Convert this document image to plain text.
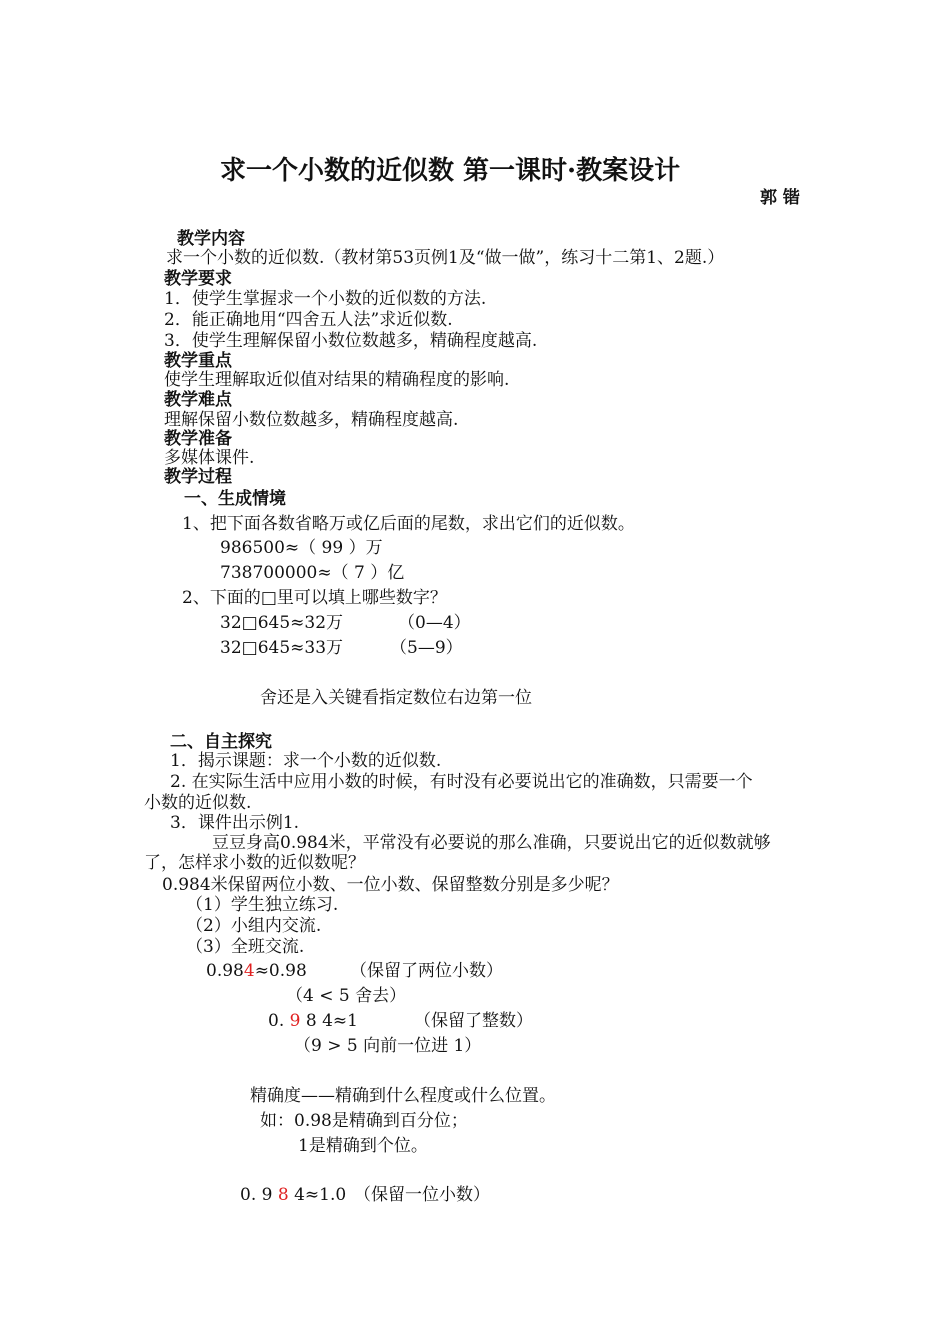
求一个小数的近似数 第一课时·教案设计
郭 锴
教学内容
求一个小数的近似数.（教材第53页例1及“做一做”，练习十二第1、2题.）
教学要求
1．使学生掌握求一个小数的近似数的方法.
2．能正确地用“四舍五人法”求近似数.
3．使学生理解保留小数位数越多，精确程度越高.
教学重点
使学生理解取近似值对结果的精确程度的影响.
教学难点
理解保留小数位数越多，精确程度越高.
教学准备
多媒体课件.
教学过程
一、生成情境
1、把下面各数省略万或亿后面的尾数，求出它们的近似数。
986500≈（ 99 ）万
738700000≈（ 7 ）亿
2、下面的□里可以填上哪些数字？
32□645≈32万	（0—4）
32□645≈33万	（5—9）
舍还是入关键看指定数位右边第一位
二、自主探究
1．揭示课题：求一个小数的近似数.
2. 在实际生活中应用小数的时候，有时没有必要说出它的准确数，只需要一个
小数的近似数.
3．课件出示例1.
豆豆身高0.984米，平常没有必要说的那么准确，只要说出它的近似数就够
了，怎样求小数的近似数呢？
0.984米保留两位小数、一位小数、保留整数分别是多少呢？
（1）学生独立练习.
（2）小组内交流.
（3）全班交流.
0.984≈0.98	（保留了两位小数）
（4 < 5 舍去）
0. 9 8 4≈1	（保留了整数）
（9 > 5 向前一位进 1）
精确度——精确到什么程度或什么位置。
如：0.98是精确到百分位；
1是精确到个位。
0. 9 8 4≈1.0 （保留一位小数）
